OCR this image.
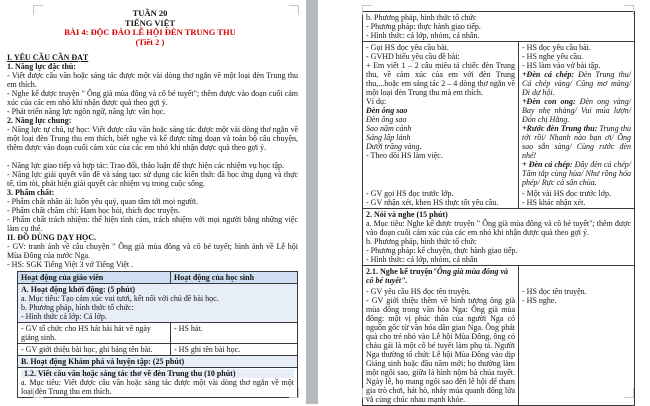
TUẦN 20
TIẾNG VIỆT
BÀI 4: ĐỘC ĐÁO LỄ HỘI ĐÈN TRUNG THU
(Tiết 2 )

I. YÊU CẦU CẦN ĐẠT

1. Năng lực đặc thù:

- Viết được câu văn hoặc sáng tác được một vài dòng thơ ngắn về một loại đèn Trung thu em thích.

- Nghe kể được truyện " Ông già mùa đông và cô bé tuyết"; thêm được vào đoạn cuối cảm xúc của các em nhỏ khi nhận được quà theo gợi ý.

- Phát triển năng lực ngôn ngữ, năng lực văn học.

2. Năng lực chung:

- Năng lực tự chủ, tự học: Viết được câu văn hoặc sáng tác được một vài dòng thơ ngắn về một loại đèn Trung thu em thích, biết nghe và kể được từng đoạn và toàn bộ câu chuyện, thêm được vào đoạn cuối cảm xúc của các em nhỏ khi nhận được quà theo gợi ý.

- Năng lực giao tiếp và hợp tác: Trao đổi, thảo luận để thực hiện các nhiệm vụ học tập.

- Năng lực giải quyết vấn đề và sáng tạo: sử dụng các kiến thức đã học ứng dụng và thực tế, tìm tòi, phát hiện giải quyết các nhiệm vụ trong cuộc sống.

3. Phẩm chất:

- Phẩm chất nhân ái: luôn yêu quý, quan tâm tới mọi người.

- Phẩm chất chăm chỉ: Ham học hỏi, thích đọc truyện.

- Phẩm chất trách nhiệm: thể hiện tình cảm, trách nhiệm với mọi người bằng những việc làm cụ thể.

II. ĐỒ DÙNG DẠY HỌC.

- GV: tranh ảnh về câu chuyện " Ông già mùa đông và cô bé tuyết; hình ảnh về Lễ hội Mùa Đông của nước Nga.

- HS: SGK Tiếng Việt 3 vở Tiếng Việt .

Hoạt động của giáo viên	Hoạt động của học sinh

A. Hoạt động khởi động: (5 phút)

a. Mục tiêu: Tạo cảm xúc vui tươi, kết nối với chủ đề bài học.

b. Phương pháp, hình thức tổ chức:

- Hình thức cả lớp: Cả lớp.

- GV tổ chức cho HS hát bài hát về ngày giảng sinh.

- HS hát.

- GV giới thiệu bài học, ghi bảng tên bài.	- HS ghi tên bài học.

B. Hoạt động Khám phá và luyện tập: (25 phút)

1.2. Viết câu văn hoặc sáng tác thơ về đèn Trung thu (10 phút)

a. Mục tiêu: Viết được câu văn hoặc sáng tác được một vài dòng thơ ngắn về một loại đèn Trung thu em thích.

b. Phương pháp, hình thức tổ chức

- Phương pháp: thực hành giao tiếp.

- Hình thức: cả lớp, nhóm, cá nhân.

- Gọi HS đọc yêu cầu bài.

- GVHD hiểu yêu cầu đề bài:

+ Em viết 1 – 2 câu miêu tả chiếc đèn Trung thu, về cảm xúc của em với đèn Trung thu,...hoặc em sáng tác 2 – 4 dòng thơ ngắn về một loại đèn Trung thu mà em thích.

Ví dụ:

Đèn ông sao

Đèn ông sao

Sao năm cánh

Sáng lấp lánh

Dưới trăng vàng.

- Theo dõi HS làm việc.

- HS đọc yêu cầu bài.

- HS nghe yêu cầu.

- HS làm vào vở bài tập.

+Đèn cá chép: Đèn Trung thu/ Cá chép vàng/ Cũng mơ màng/ Đi dự hội.

+Đèn con ong: Đèn ong vàng/ Bay nhẹ nhàng/ Vui múa lượn/ Đón chị Hằng.

+Rước đèn Trung thu: Trung thu tới rồi/ Nhanh nào bạn ơi/ Ông sao sẵn sàng/ Cùng rước đèn nhé!

+ Đèn cá chép: Đây đèn cá chép/ Tăm tắp cùng hùa/ Như rồng hóa phép/ Rực cả sân chùa.

- GV gọi HS đọc trước lớp.

- GV nhận xét, khen HS thực tốt yêu cầu.

- Một vài HS đọc trước lớp.

- HS khác nhận xét.

2. Nói và nghe (15 phút)

a. Mục tiêu: Nghe kể được truyện " Ông già mùa đông và cô bé tuyết"; thêm được vào đoạn cuối cảm xúc của các em nhỏ khi nhận được quà theo gợi ý.

b. Phương pháp, hình thức tổ chức

- Phương pháp: kể chuyện, thực hành giao tiếp.

- Hình thức: cả lớp, nhóm, cá nhân

2.1. Nghe kể truyện"Ông già mùa đông và cô bé tuyết".

- GV yêu cầu HS đọc tên truyện.

- GV giới thiệu thêm về hình tượng ông già mùa đông trong văn hóa Nga: Ông già mùa đông: một vị phúc thần của người Nga có nguồn gốc từ văn hóa dân gian Nga. Ông phát quà cho trẻ nhỏ vào Lễ hội Mùa Đông, ông có cháu gái là một cô bé tuyết làm phụ tá. Người Nga thường tổ chức Lễ hội Mùa Đông vào dịp Giáng sinh hoặc đầu năm mới; họ thường làm một ngôi sao, giữa là hình nộm bà chúa tuyết. Ngày lễ, họ mang ngôi sao đến lễ hội để tham gia trò chơi, hát hò, nhảy múa quanh đống lửa và cùng chúc nhau mạnh khỏe.

- HS đọc tên truyện.

- HS nghe.
